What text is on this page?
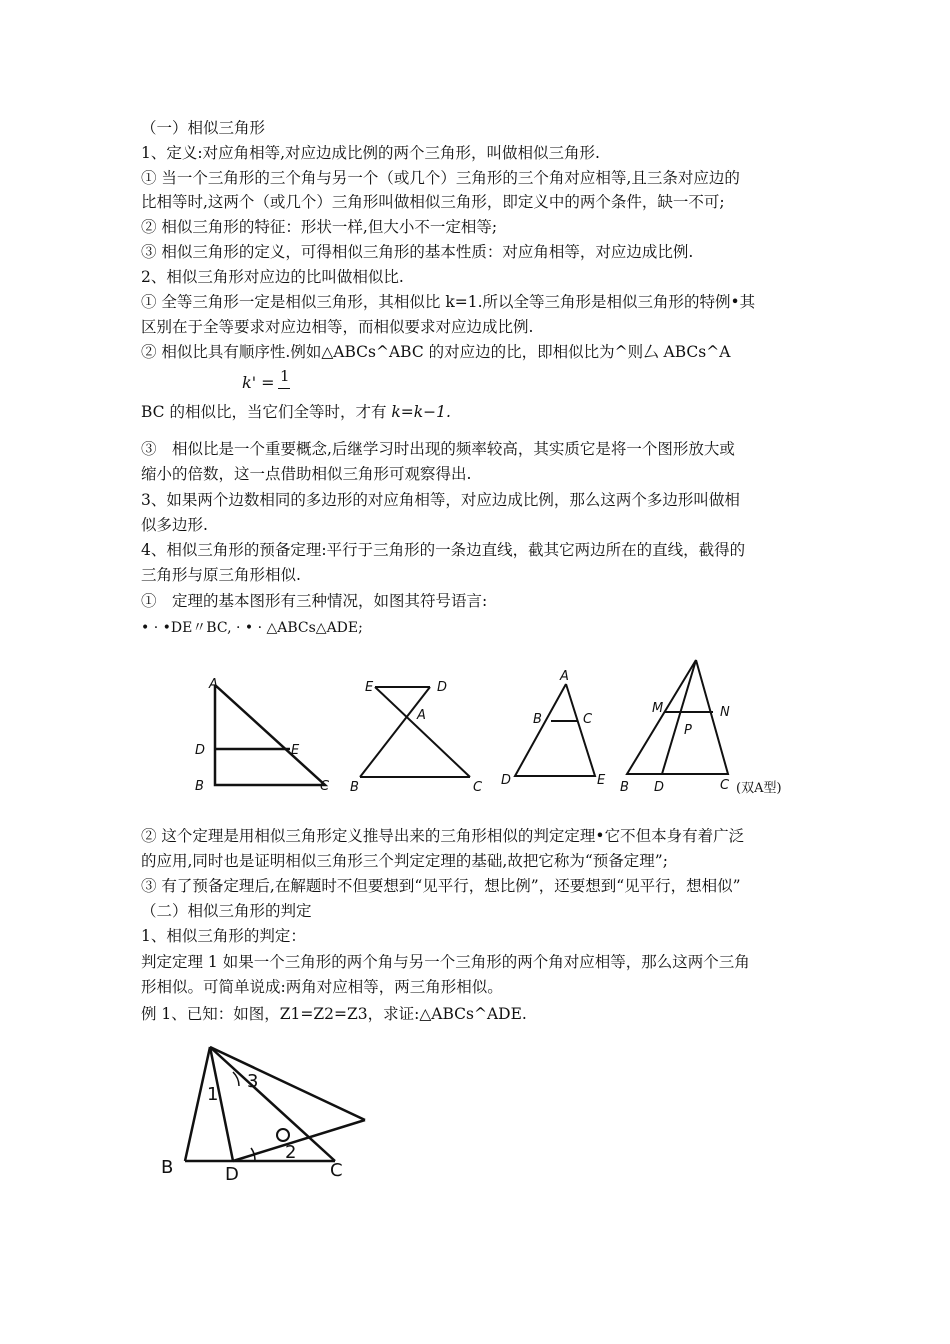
（一）相似三角形
1、定义:对应角相等,对应边成比例的两个三角形，叫做相似三角形.
① 当一个三角形的三个角与另一个（或几个）三角形的三个角对应相等,且三条对应边的
比相等时,这两个（或几个）三角形叫做相似三角形，即定义中的两个条件，缺一不可;
② 相似三角形的特征：形状一样,但大小不一定相等;
③ 相似三角形的定义，可得相似三角形的基本性质：对应角相等，对应边成比例.
2、相似三角形对应边的比叫做相似比.
① 全等三角形一定是相似三角形，其相似比 k=1.所以全等三角形是相似三角形的特例•其
区别在于全等要求对应边相等，而相似要求对应边成比例.
② 相似比具有顺序性.例如△ABCs^ABC 的对应边的比，即相似比为^则厶 ABCs^A
k' = 1
BC 的相似比，当它们全等时，才有 k=k−1.
③　相似比是一个重要概念,后继学习时出现的频率较高，其实质它是将一个图形放大或
缩小的倍数，这一点借助相似三角形可观察得出.
3、如果两个边数相同的多边形的对应角相等，对应边成比例，那么这两个多边形叫做相
似多边形.
4、相似三角形的预备定理:平行于三角形的一条边直线，截其它两边所在的直线，截得的
三角形与原三角形相似.
①　定理的基本图形有三种情况，如图其符号语言:
• · •DE〃BC, · • · △ABCs△ADE;
A
D	E
B	C
E	D
A
B	C
A
B	C
D	E
M	N
P
B D	C (双A型)
② 这个定理是用相似三角形定义推导出来的三角形相似的判定定理•它不但本身有着广泛
的应用,同时也是证明相似三角形三个判定定理的基础,故把它称为“预备定理”;
③ 有了预备定理后,在解题时不但要想到“见平行，想比例”，还要想到“见平行，想相似”
（二）相似三角形的判定
1、相似三角形的判定：
判定定理 1 如果一个三角形的两个角与另一个三角形的两个角对应相等，那么这两个三角
形相似。可简单说成:两角对应相等，两三角形相似。
例 1、已知：如图，Z1=Z2=Z3，求证:△ABCs^ADE.
1
3
2
B	D	C
